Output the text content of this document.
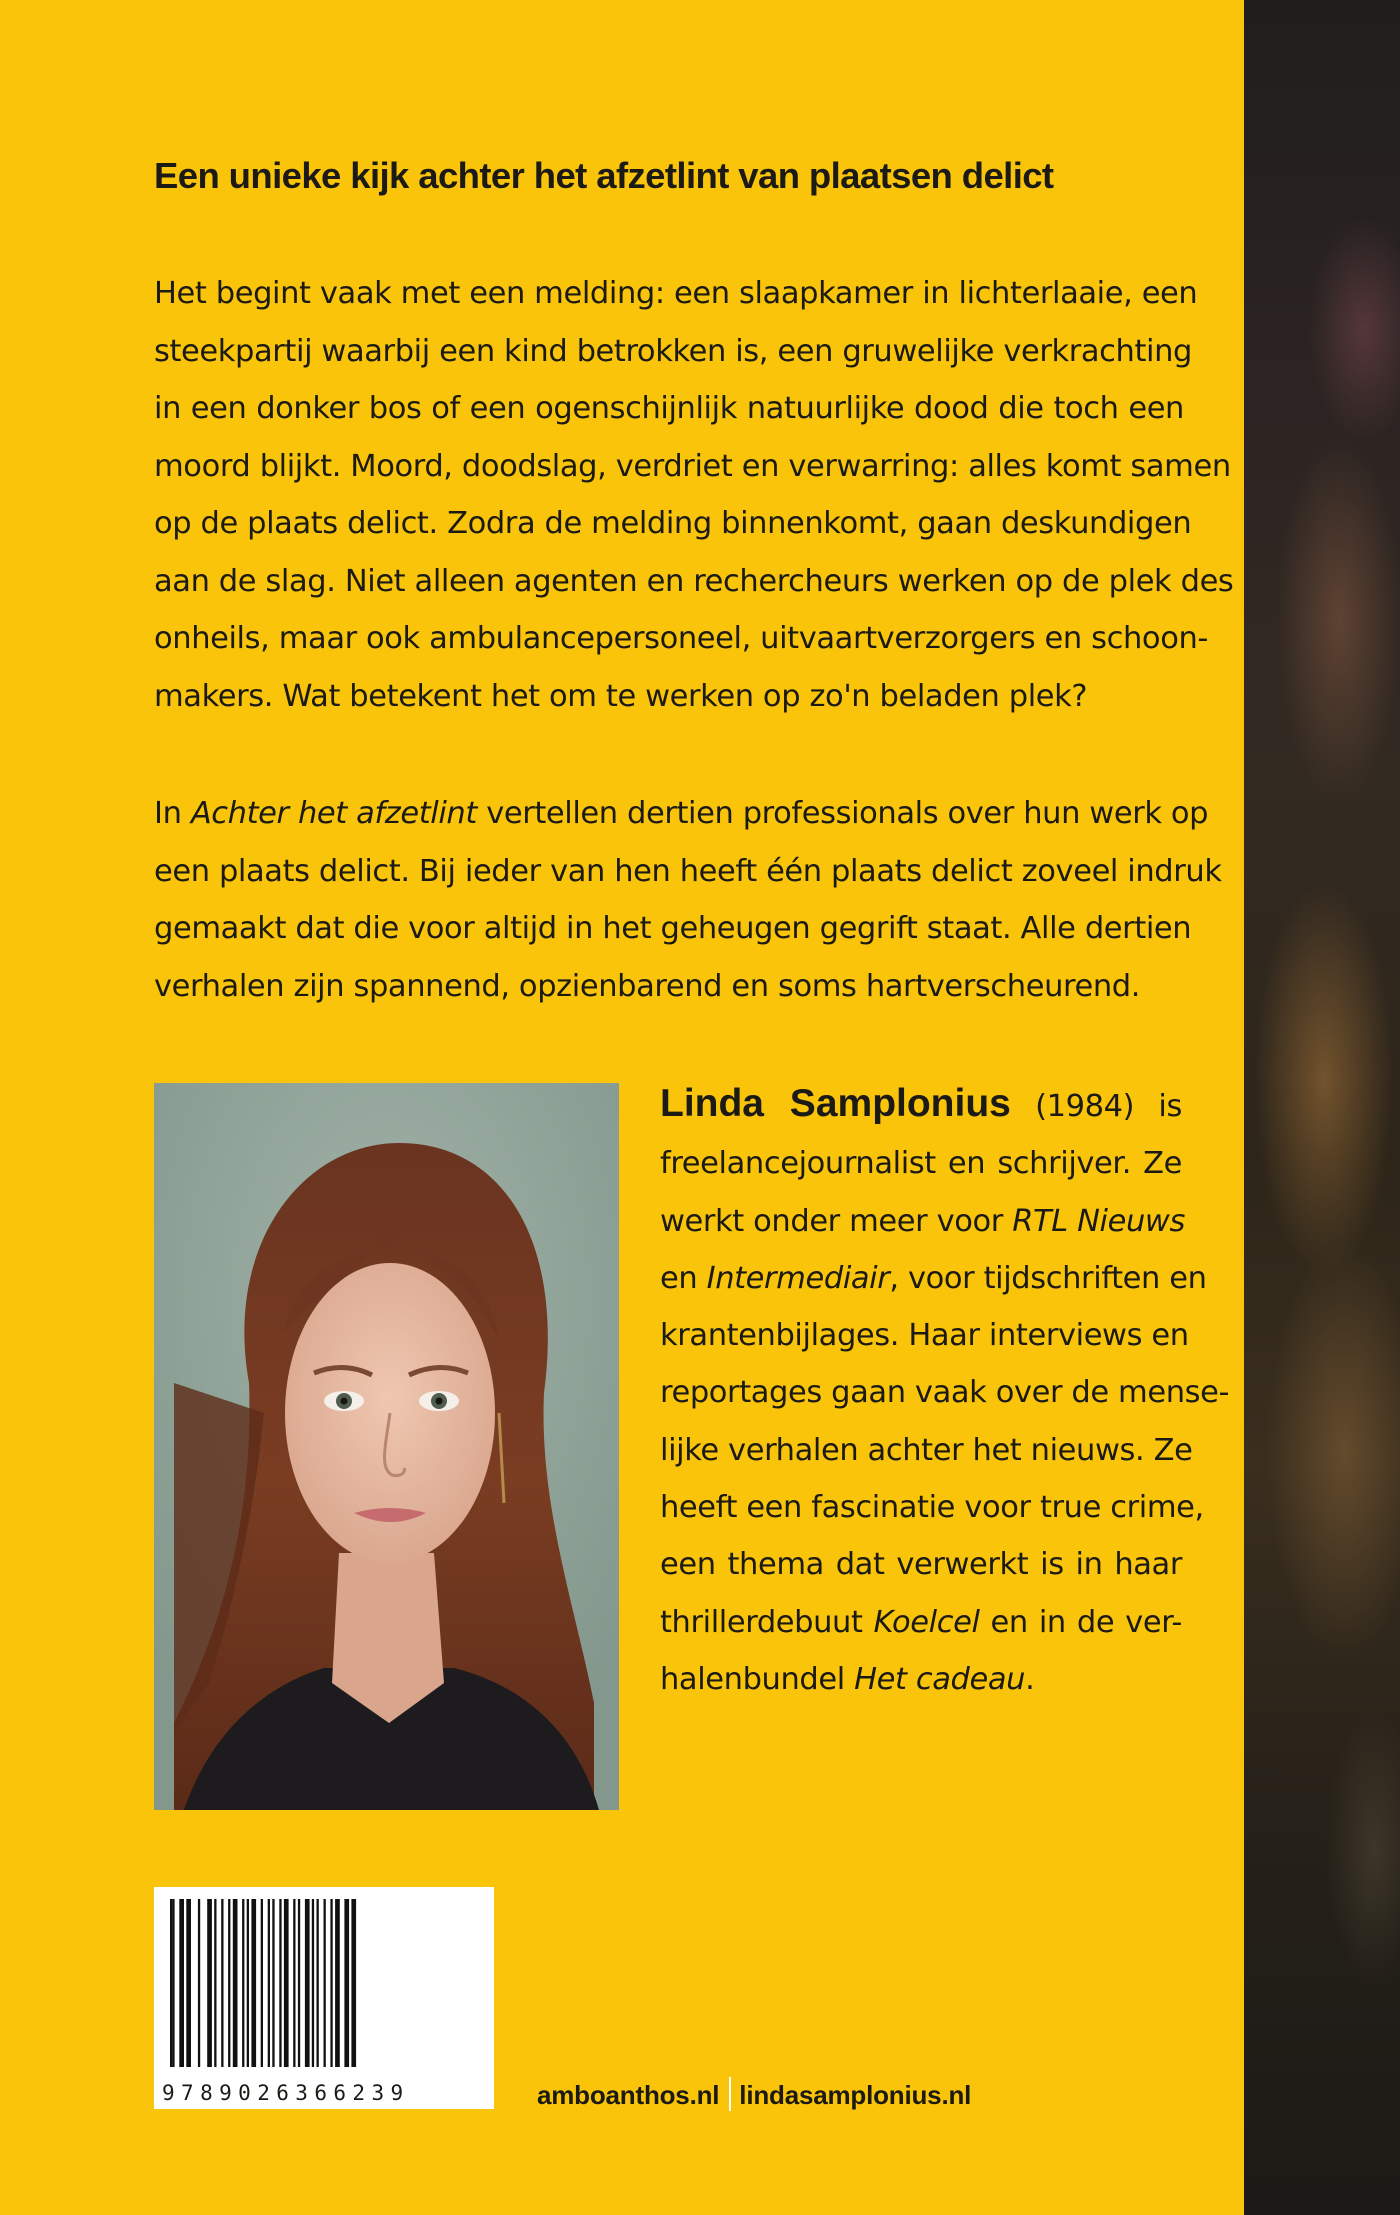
Een unieke kijk achter het afzetlint van plaatsen delict
Het begint vaak met een melding: een slaapkamer in lichterlaaie, een
steekpartij waarbij een kind betrokken is, een gruwelijke verkrachting
in een donker bos of een ogenschijnlijk natuurlijke dood die toch een
moord blijkt. Moord, doodslag, verdriet en verwarring: alles komt samen
op de plaats delict. Zodra de melding binnenkomt, gaan deskundigen
aan de slag. Niet alleen agenten en rechercheurs werken op de plek des
onheils, maar ook ambulancepersoneel, uitvaartverzorgers en schoon-
makers. Wat betekent het om te werken op zo'n beladen plek?
In Achter het afzetlint vertellen dertien professionals over hun werk op
een plaats delict. Bij ieder van hen heeft één plaats delict zoveel indruk
gemaakt dat die voor altijd in het geheugen gegrift staat. Alle dertien
verhalen zijn spannend, opzienbarend en soms hartverscheurend.
Linda Samplonius (1984) is
freelancejournalist en schrijver. Ze
werkt onder meer voor RTL Nieuws
en Intermediair, voor tijdschriften en
krantenbijlages. Haar interviews en
reportages gaan vaak over de mense-
lijke verhalen achter het nieuws. Ze
heeft een fascinatie voor true crime,
een thema dat verwerkt is in haar
thrillerdebuut Koelcel en in de ver-
halenbundel Het cadeau.
9789026366239	amboanthos.nl lindasamplonius.nl
